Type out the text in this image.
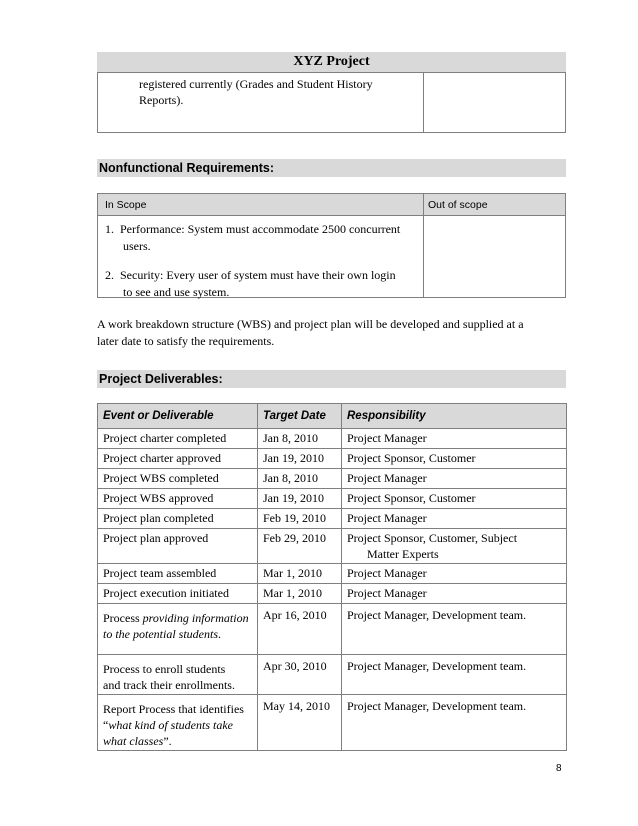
XYZ Project
registered currently (Grades and Student History
Reports).
Nonfunctional Requirements:
In Scope	Out of scope
1. Performance: System must accommodate 2500 concurrent
users.
2. Security: Every user of system must have their own login
to see and use system.
A work breakdown structure (WBS) and project plan will be developed and supplied at a
later date to satisfy the requirements.
Project Deliverables:
Event or Deliverable	Target Date	Responsibility
Project charter completed	Jan 8, 2010	Project Manager
Project charter approved	Jan 19, 2010	Project Sponsor, Customer
Project WBS completed	Jan 8, 2010	Project Manager
Project WBS approved	Jan 19, 2010	Project Sponsor, Customer
Project plan completed	Feb 19, 2010	Project Manager
Project plan approved	Feb 29, 2010	Project Sponsor, Customer, Subject
Matter Experts

Project team assembled	Mar 1, 2010	Project Manager
Project execution initiated	Mar 1, 2010	Project Manager
Process providing information to the potential students.	Apr 16, 2010	Project Manager, Development team.

Process to enroll students
and track their enrollments.	Apr 30, 2010	Project Manager, Development team.
Report Process that identifies “what kind of students take what classes”.	May 14, 2010	Project Manager, Development team.
8
